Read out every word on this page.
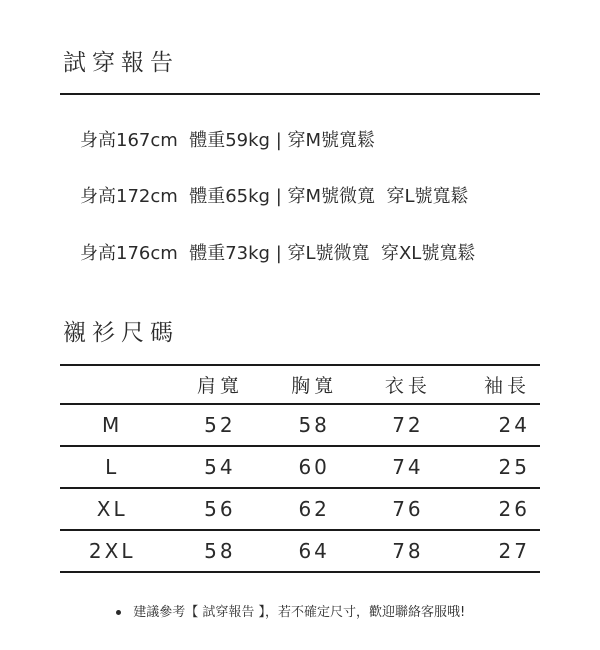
試穿報告
身高167cm  體重59kg | 穿M號寬鬆
身高172cm  體重65kg | 穿M號微寬  穿L號寬鬆
身高176cm  體重73kg | 穿L號微寬  穿XL號寬鬆
襯衫尺碼
	肩寬	胸寬	衣長	袖長
M	52	58	72	24
L	54	60	74	25
XL	56	62	76	26
2XL	58	64	78	27

建議參考【 試穿報告 】，若不確定尺寸，歡迎聯絡客服哦!
